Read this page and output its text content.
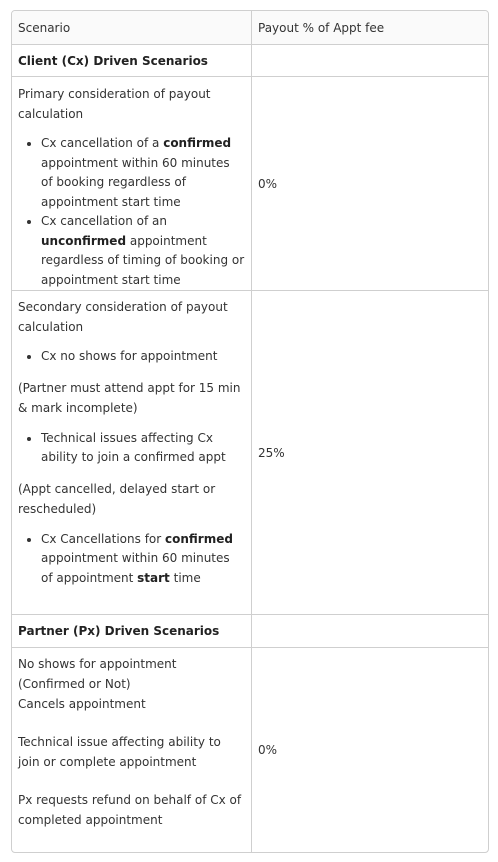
Scenario	Payout % of Appt fee
Client (Cx) Driven Scenarios

Primary consideration of payout calculation

• Cx cancellation of a confirmed appointment within 60 minutes of booking regardless of appointment start time
• Cx cancellation of an unconfirmed appointment regardless of timing of booking or appointment start time
0%

Secondary consideration of payout calculation

• Cx no shows for appointment

(Partner must attend appt for 15 min & mark incomplete)

• Technical issues affecting Cx ability to join a confirmed appt

(Appt cancelled, delayed start or rescheduled)

• Cx Cancellations for confirmed appointment within 60 minutes of appointment start time
25%
Partner (Px) Driven Scenarios

No shows for appointment (Confirmed or Not)

Cancels appointment

Technical issue affecting ability to join or complete appointment

Px requests refund on behalf of Cx of completed appointment

0%
